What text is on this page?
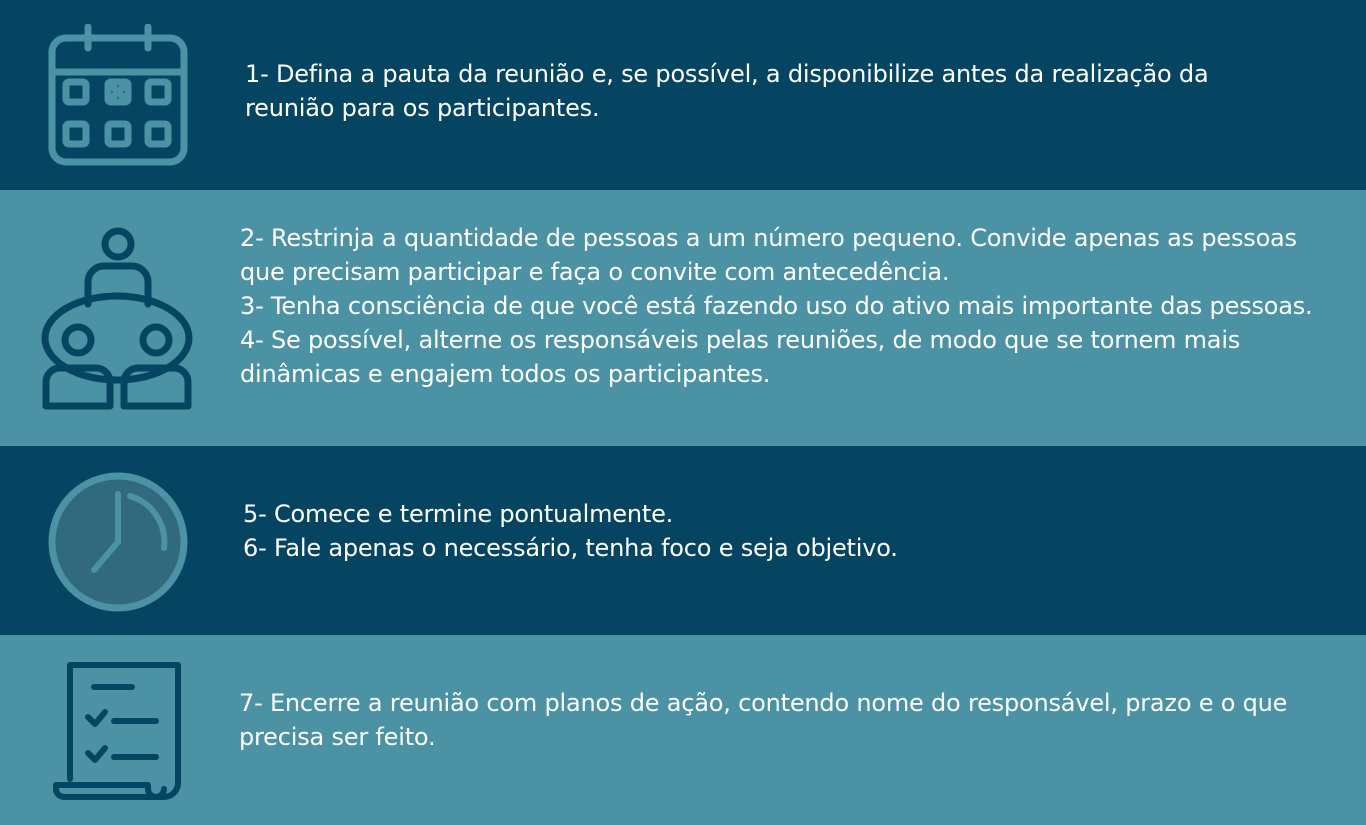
1- Defina a pauta da reunião e, se possível, a disponibilize antes da realização da reunião para os participantes.

2- Restrinja a quantidade de pessoas a um número pequeno. Convide apenas as pessoas que precisam participar e faça o convite com antecedência.

3- Tenha consciência de que você está fazendo uso do ativo mais importante das pessoas.

4- Se possível, alterne os responsáveis pelas reuniões, de modo que se tornem mais dinâmicas e engajem todos os participantes.

5- Comece e termine pontualmente.

6- Fale apenas o necessário, tenha foco e seja objetivo.

7- Encerre a reunião com planos de ação, contendo nome do responsável, prazo e o que precisa ser feito.
